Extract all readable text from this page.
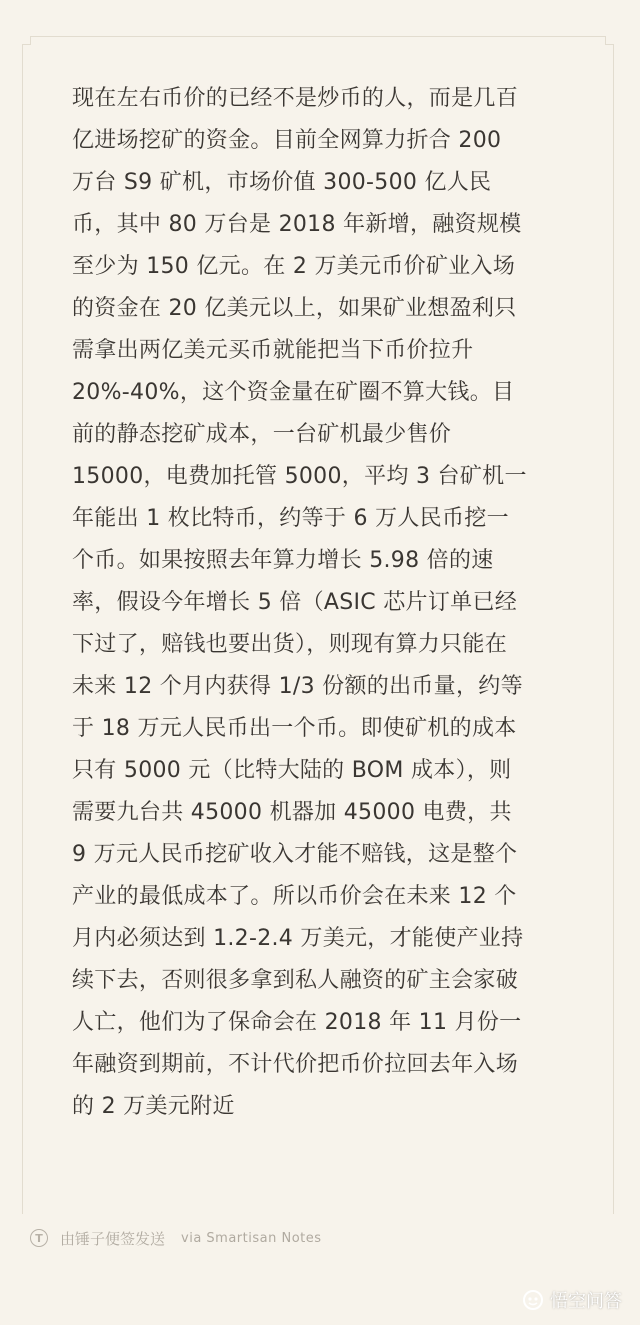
现在左右币价的已经不是炒币的人，而是几百
亿进场挖矿的资金。目前全网算力折合 200
万台 S9 矿机，市场价值 300-500 亿人民
币，其中 80 万台是 2018 年新增，融资规模
至少为 150 亿元。在 2 万美元币价矿业入场
的资金在 20 亿美元以上，如果矿业想盈利只
需拿出两亿美元买币就能把当下币价拉升
20%-40%，这个资金量在矿圈不算大钱。目
前的静态挖矿成本，一台矿机最少售价
15000，电费加托管 5000，平均 3 台矿机一
年能出 1 枚比特币，约等于 6 万人民币挖一
个币。如果按照去年算力增长 5.98 倍的速
率，假设今年增长 5 倍（ASIC 芯片订单已经
下过了，赔钱也要出货），则现有算力只能在
未来 12 个月内获得 1/3 份额的出币量，约等
于 18 万元人民币出一个币。即使矿机的成本
只有 5000 元（比特大陆的 BOM 成本），则
需要九台共 45000 机器加 45000 电费，共
9 万元人民币挖矿收入才能不赔钱，这是整个
产业的最低成本了。所以币价会在未来 12 个
月内必须达到 1.2-2.4 万美元，才能使产业持
续下去，否则很多拿到私人融资的矿主会家破
人亡，他们为了保命会在 2018 年 11 月份一
年融资到期前，不计代价把币价拉回去年入场
的 2 万美元附近
T	由锤子便签发送 via Smartisan Notes
悟空问答
